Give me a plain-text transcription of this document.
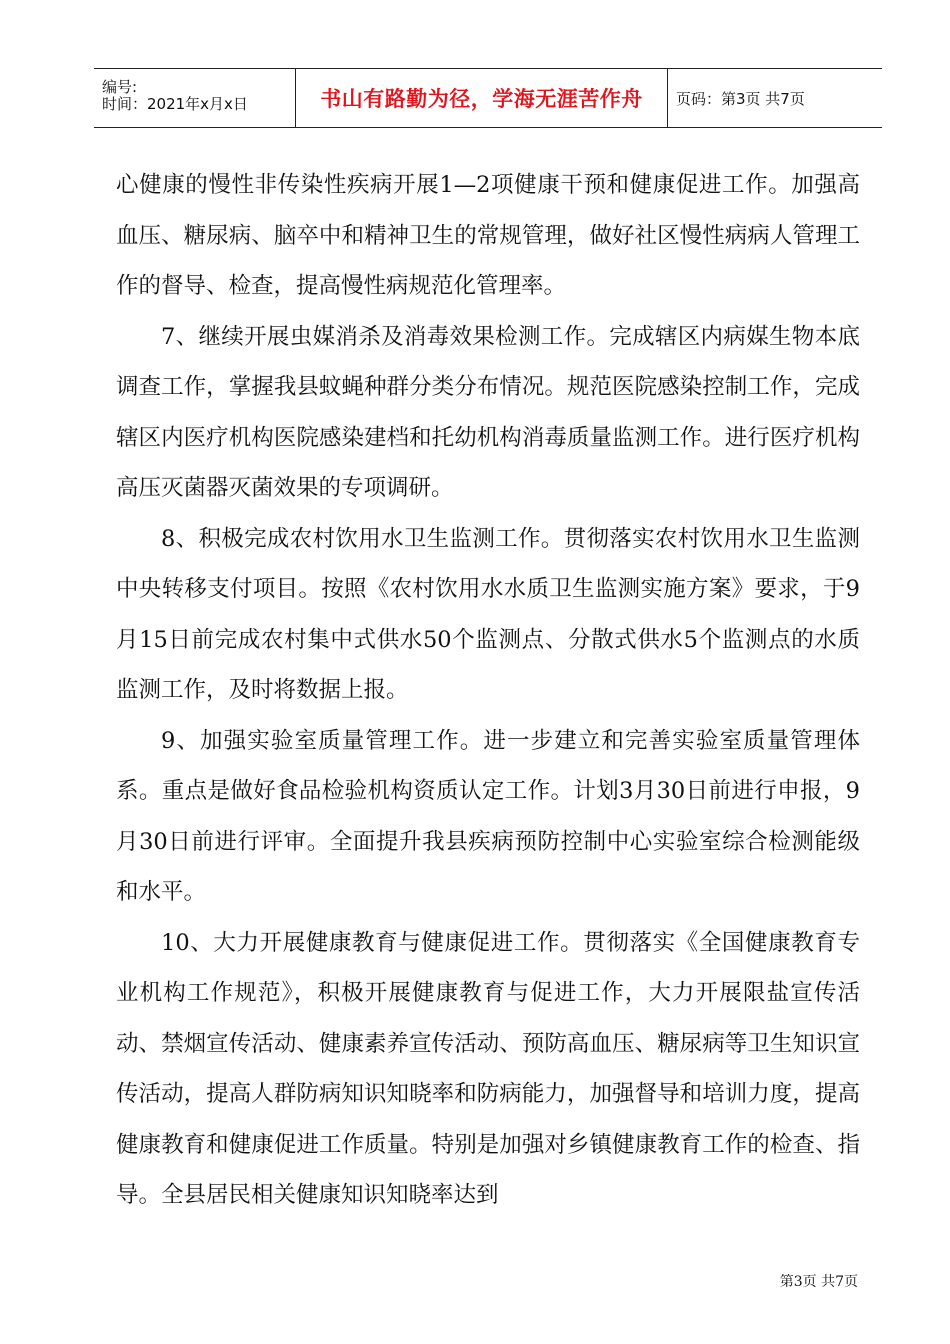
编号:
时间：2021年x月x日	书山有路勤为径，学海无涯苦作舟 页码：第3页 共7页

心健康的慢性非传染性疾病开展1—2项健康干预和健康促进工作。加强高血压、糖尿病、脑卒中和精神卫生的常规管理，做好社区慢性病病人管理工作的督导、检查，提高慢性病规范化管理率。

7、继续开展虫媒消杀及消毒效果检测工作。完成辖区内病媒生物本底调查工作，掌握我县蚊蝇种群分类分布情况。规范医院感染控制工作，完成辖区内医疗机构医院感染建档和托幼机构消毒质量监测工作。进行医疗机构高压灭菌器灭菌效果的专项调研。

8、积极完成农村饮用水卫生监测工作。贯彻落实农村饮用水卫生监测中央转移支付项目。按照《农村饮用水水质卫生监测实施方案》要求，于9月15日前完成农村集中式供水50个监测点、分散式供水5个监测点的水质监测工作，及时将数据上报。

9、加强实验室质量管理工作。进一步建立和完善实验室质量管理体系。重点是做好食品检验机构资质认定工作。计划3月30日前进行申报，9月30日前进行评审。全面提升我县疾病预防控制中心实验室综合检测能级和水平。

10、大力开展健康教育与健康促进工作。贯彻落实《全国健康教育专业机构工作规范》，积极开展健康教育与促进工作，大力开展限盐宣传活动、禁烟宣传活动、健康素养宣传活动、预防高血压、糖尿病等卫生知识宣传活动，提高人群防病知识知晓率和防病能力，加强督导和培训力度，提高健康教育和健康促进工作质量。特别是加强对乡镇健康教育工作的检查、指导。全县居民相关健康知识知晓率达到

第3页 共7页
